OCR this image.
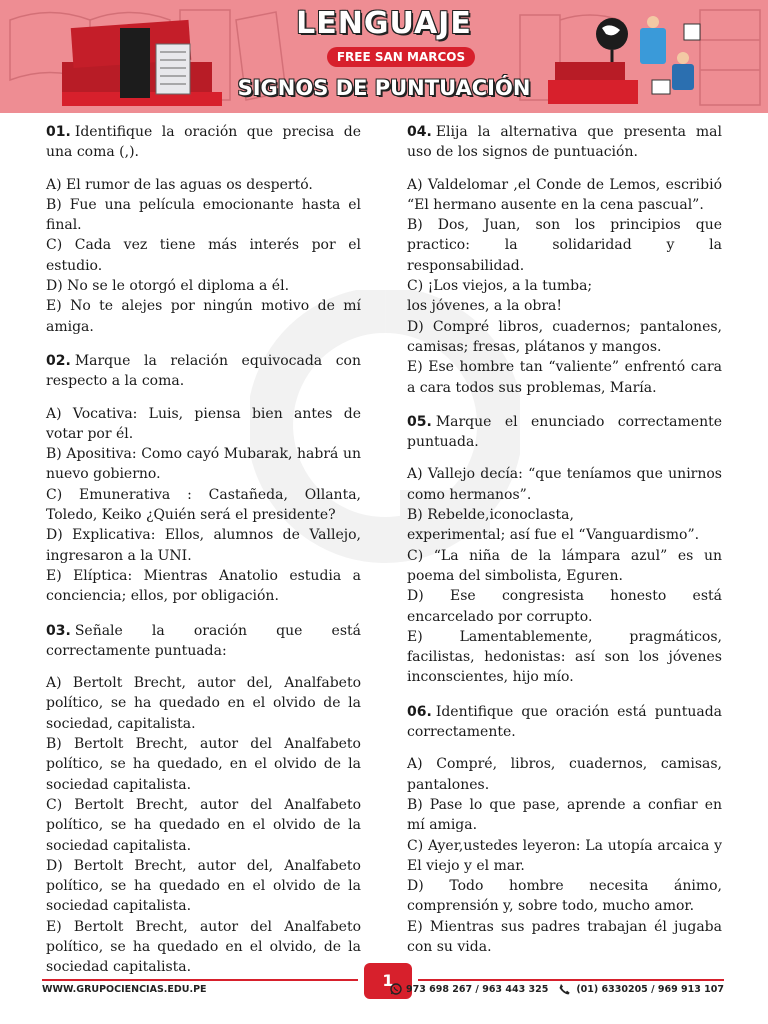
LENGUAJE
FREE SAN MARCOS
SIGNOS DE PUNTUACIÓN

01. Identifique la oración que precisa de una coma (,).

A) El rumor de las aguas os despertó.

B) Fue una película emocionante hasta el final.

C) Cada vez tiene más interés por el estudio.

D) No se le otorgó el diploma a él.

E) No te alejes por ningún motivo de mí amiga.

02. Marque la relación equivocada con respecto a la coma.

A) Vocativa: Luis, piensa bien antes de votar por él.

B) Apositiva: Como cayó Mubarak, habrá un nuevo gobierno.

C) Emunerativa : Castañeda, Ollanta, Toledo, Keiko ¿Quién será el presidente?

D) Explicativa: Ellos, alumnos de Vallejo, ingresaron a la UNI.

E) Elíptica: Mientras Anatolio estudia a conciencia; ellos, por obligación.

03. Señale la oración que está correctamente puntuada:

A) Bertolt Brecht, autor del, Analfabeto político, se ha quedado en el olvido de la sociedad, capitalista.

B) Bertolt Brecht, autor del Analfabeto político, se ha quedado, en el olvido de la sociedad capitalista.

C) Bertolt Brecht, autor del Analfabeto político, se ha quedado en el olvido de la sociedad capitalista.

D) Bertolt Brecht, autor del, Analfabeto político, se ha quedado en el olvido de la sociedad capitalista.

E) Bertolt Brecht, autor del Analfabeto político, se ha quedado en el olvido, de la sociedad capitalista.

04. Elija la alternativa que presenta mal uso de los signos de puntuación.

A) Valdelomar ,el Conde de Lemos, escribió “El hermano ausente en la cena pascual”.

B) Dos, Juan, son los principios que practico: la solidaridad y la responsabilidad.

C) ¡Los viejos, a la tumba;
los jóvenes, a la obra!

D) Compré libros, cuadernos; pantalones, camisas; fresas, plátanos y mangos.

E) Ese hombre tan “valiente” enfrentó cara a cara todos sus problemas, María.

05. Marque el enunciado correctamente puntuada.

A) Vallejo decía: “que teníamos que unirnos como hermanos”.

B) Rebelde,iconoclasta,
experimental; así fue el “Vanguardismo”.

C) “La niña de la lámpara azul” es un poema del simbolista, Eguren.

D) Ese congresista honesto está encarcelado por corrupto.

E) Lamentablemente, pragmáticos, facilistas, hedonistas: así son los jóvenes inconscientes, hijo mío.

06. Identifique que oración está puntuada correctamente.

A) Compré, libros, cuadernos, camisas, pantalones.

B) Pase lo que pase, aprende a confiar en mí amiga.

C) Ayer,ustedes leyeron: La utopía arcaica y El viejo y el mar.

D) Todo hombre necesita ánimo, comprensión y, sobre todo, mucho amor.

E) Mientras sus padres trabajan él jugaba con su vida.

1
WWW.GRUPOCIENCIAS.EDU.PE	973 698 267 / 963 443 325	(01) 6330205 / 969 913 107
